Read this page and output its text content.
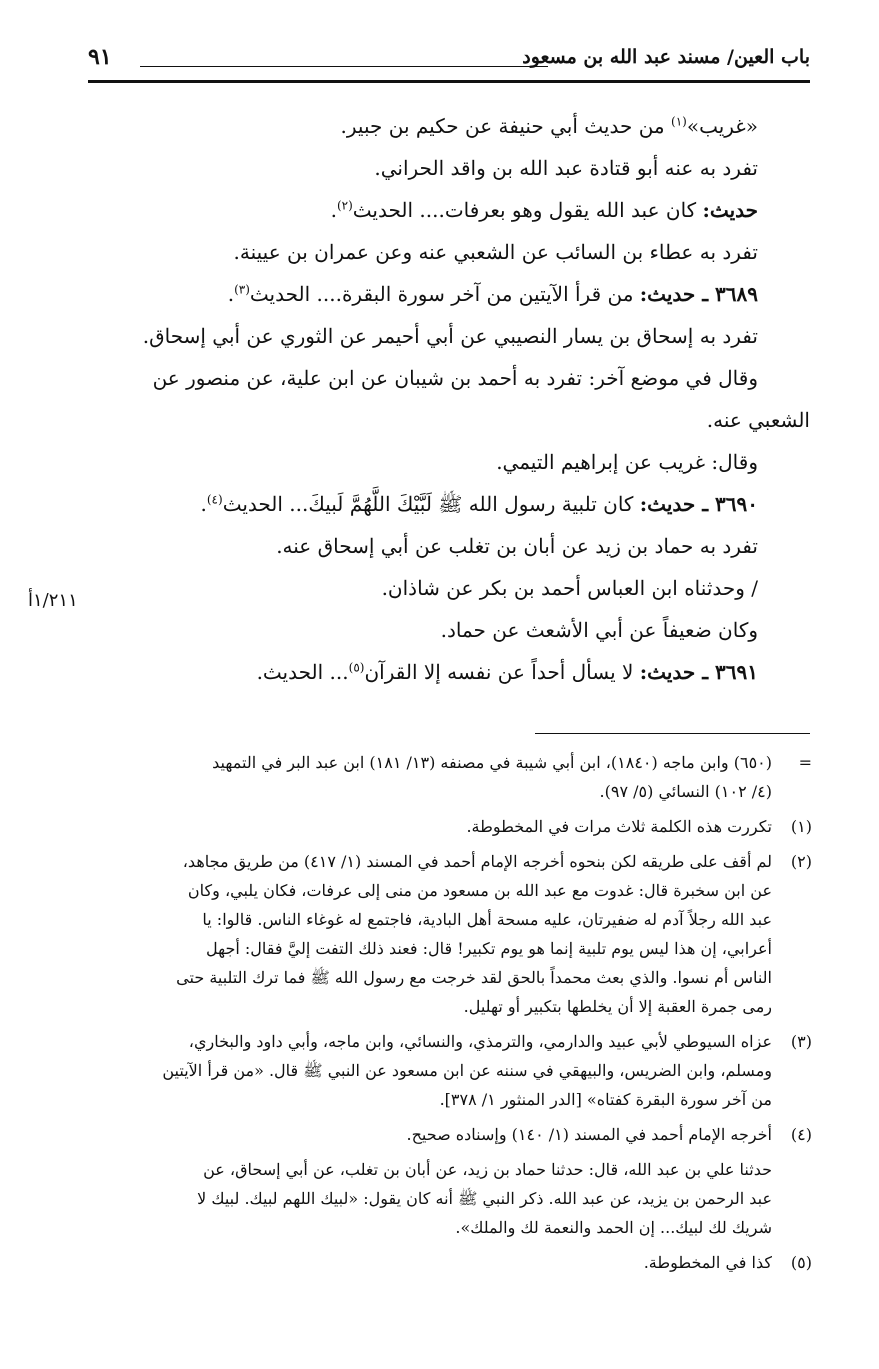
باب العين/ مسند عبد الله بن مسعود
٩١
١/٢١١أ
«غريب»$^{(١)}$ من حديث أبي حنيفة عن حكيم بن جبير.
تفرد به عنه أبو قتادة عبد الله بن واقد الحراني.
حديث: كان عبد الله يقول وهو بعرفات.... الحديث$^{(٢)}$.
تفرد به عطاء بن السائب عن الشعبي عنه وعن عمران بن عيينة.
٣٦٨٩ ـ حديث: من قرأ الآيتين من آخر سورة البقرة.... الحديث$^{(٣)}$.
تفرد به إسحاق بن يسار النصيبي عن أبي أحيمر عن الثوري عن أبي إسحاق.
وقال في موضع آخر: تفرد به أحمد بن شيبان عن ابن علية، عن منصور عن
الشعبي عنه.
وقال: غريب عن إبراهيم التيمي.
٣٦٩٠ ـ حديث: كان تلبية رسول الله ﷺ لَبَّيْكَ اللَّهُمَّ لَبيكَ... الحديث$^{(٤)}$.
تفرد به حماد بن زيد عن أبان بن تغلب عن أبي إسحاق عنه.
/ وحدثناه ابن العباس أحمد بن بكر عن شاذان.
وكان ضعيفاً عن أبي الأشعث عن حماد.
٣٦٩١ ـ حديث: لا يسأل أحداً عن نفسه إلا القرآن$^{(٥)}$... الحديث.
=
(٦٥٠) وابن ماجه (١٨٤٠)، ابن أبي شيبة في مصنفه (١٣/ ١٨١) ابن عبد البر في التمهيد
(٤/ ١٠٢) النسائي (٥/ ٩٧).
(١)
تكررت هذه الكلمة ثلاث مرات في المخطوطة.
(٢)
لم أقف على طريقه لكن بنحوه أخرجه الإمام أحمد في المسند (١/ ٤١٧) من طريق مجاهد،
عن ابن سخبرة قال: غدوت مع عبد الله بن مسعود من منى إلى عرفات، فكان يلبي، وكان
عبد الله رجلاً آدم له ضفيرتان، عليه مسحة أهل البادية، فاجتمع له غوغاء الناس. قالوا: يا
أعرابي، إن هذا ليس يوم تلبية إنما هو يوم تكبير! قال: فعند ذلك التفت إليَّ فقال: أجهل
الناس أم نسوا. والذي بعث محمداً بالحق لقد خرجت مع رسول الله ﷺ فما ترك التلبية حتى
رمى جمرة العقبة إلا أن يخلطها بتكبير أو تهليل.
(٣)
عزاه السيوطي لأبي عبيد والدارمي، والترمذي، والنسائي، وابن ماجه، وأبي داود والبخاري،
ومسلم، وابن الضريس، والبيهقي في سننه عن ابن مسعود عن النبي ﷺ قال. «من قرأ الآيتين
من آخر سورة البقرة كفتاه» [الدر المنثور ١/ ٣٧٨].
(٤)
أخرجه الإمام أحمد في المسند (١/ ١٤٠) وإسناده صحيح.
حدثنا علي بن عبد الله، قال: حدثنا حماد بن زيد، عن أبان بن تغلب، عن أبي إسحاق، عن
عبد الرحمن بن يزيد، عن عبد الله. ذكر النبي ﷺ أنه كان يقول: «لبيك اللهم لبيك. لبيك لا
شريك لك لبيك... إن الحمد والنعمة لك والملك».
(٥)
كذا في المخطوطة.
